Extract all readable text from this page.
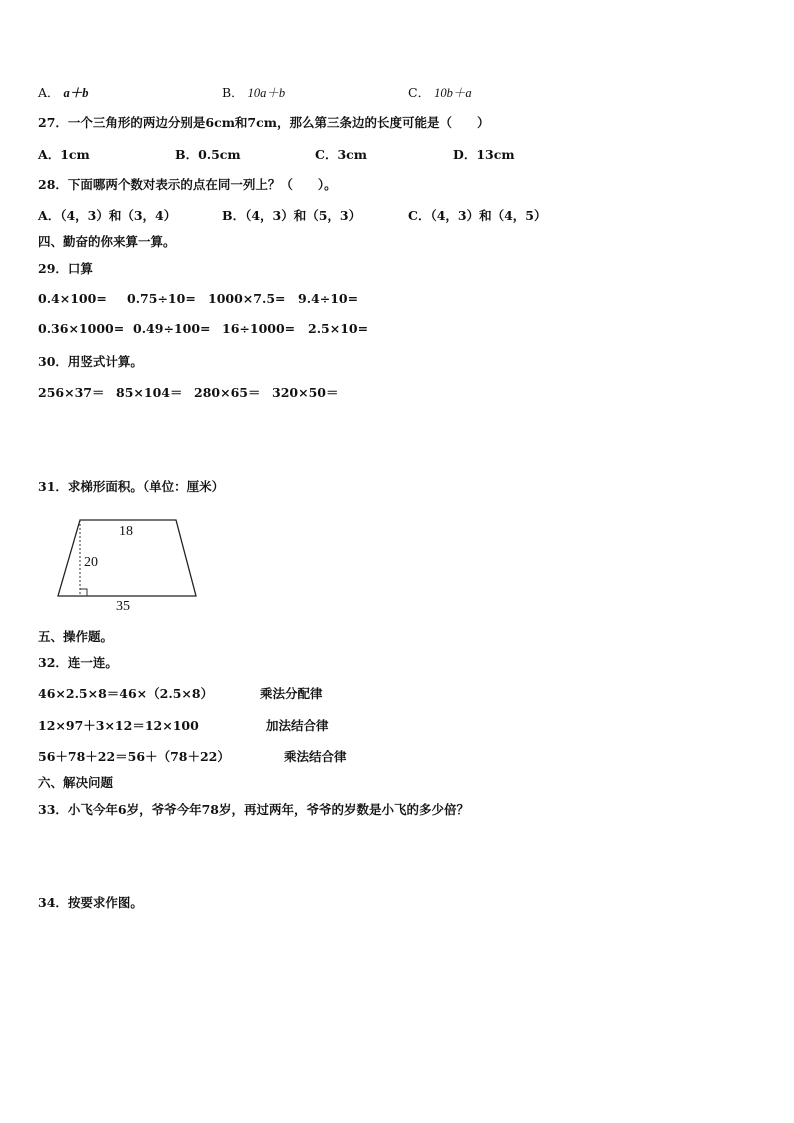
A． a＋b	B． 10a＋b	C． 10b＋a
27．一个三角形的两边分别是6cm和7cm，那么第三条边的长度可能是（　　）
A．1cm	B．0.5cm	C．3cm	D．13cm
28．下面哪两个数对表示的点在同一列上？（　　）。
A．（4，3）和（3，4）	B．（4，3）和（5，3）	C．（4，3）和（4，5）
四、勤奋的你来算一算。
29．口算
0.4×100= 0.75÷10= 1000×7.5= 9.4÷10=
0.36×1000= 0.49÷100= 16÷1000= 2.5×10=
30．用竖式计算。
256×37＝ 85×104＝ 280×65＝ 320×50＝
31．求梯形面积。（单位：厘米）
18
20
35
五、操作题。
32．连一连。
46×2.5×8＝46×（2.5×8）	乘法分配律
12×97＋3×12＝12×100	加法结合律
56＋78＋22＝56＋（78＋22）	乘法结合律
六、解决问题
33．小飞今年6岁，爷爷今年78岁，再过两年，爷爷的岁数是小飞的多少倍？
34．按要求作图。
